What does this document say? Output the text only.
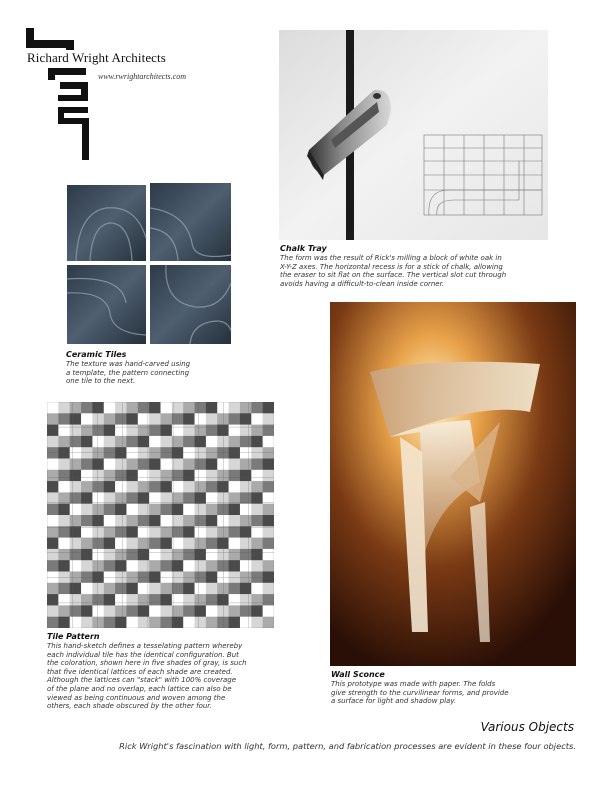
Richard Wright Architects
www.rwrightarchitects.com
Chalk Tray
The form was the result of Rick's milling a block of white oak in
X-Y-Z axes. The horizontal recess is for a stick of chalk, allowing
the eraser to sit flat on the surface. The vertical slot cut through
avoids having a difficult-to-clean inside corner.
Ceramic Tiles
The texture was hand-carved using
a template, the pattern connecting
one tile to the next.
Tile Pattern
This hand-sketch defines a tesselating pattern whereby
each individual tile has the identical configuration. But
the coloration, shown here in five shades of gray, is such
that five identical lattices of each shade are created.
Although the lattices can "stack" with 100% coverage
of the plane and no overlap, each lattice can also be
viewed as being continuous and woven among the
others, each shade obscured by the other four.
Wall Sconce
This prototype was made with paper. The folds
give strength to the curvilinear forms, and provide
a surface for light and shadow play.
Various Objects
Rick Wright's fascination with light, form, pattern, and fabrication processes are evident in these four objects.
